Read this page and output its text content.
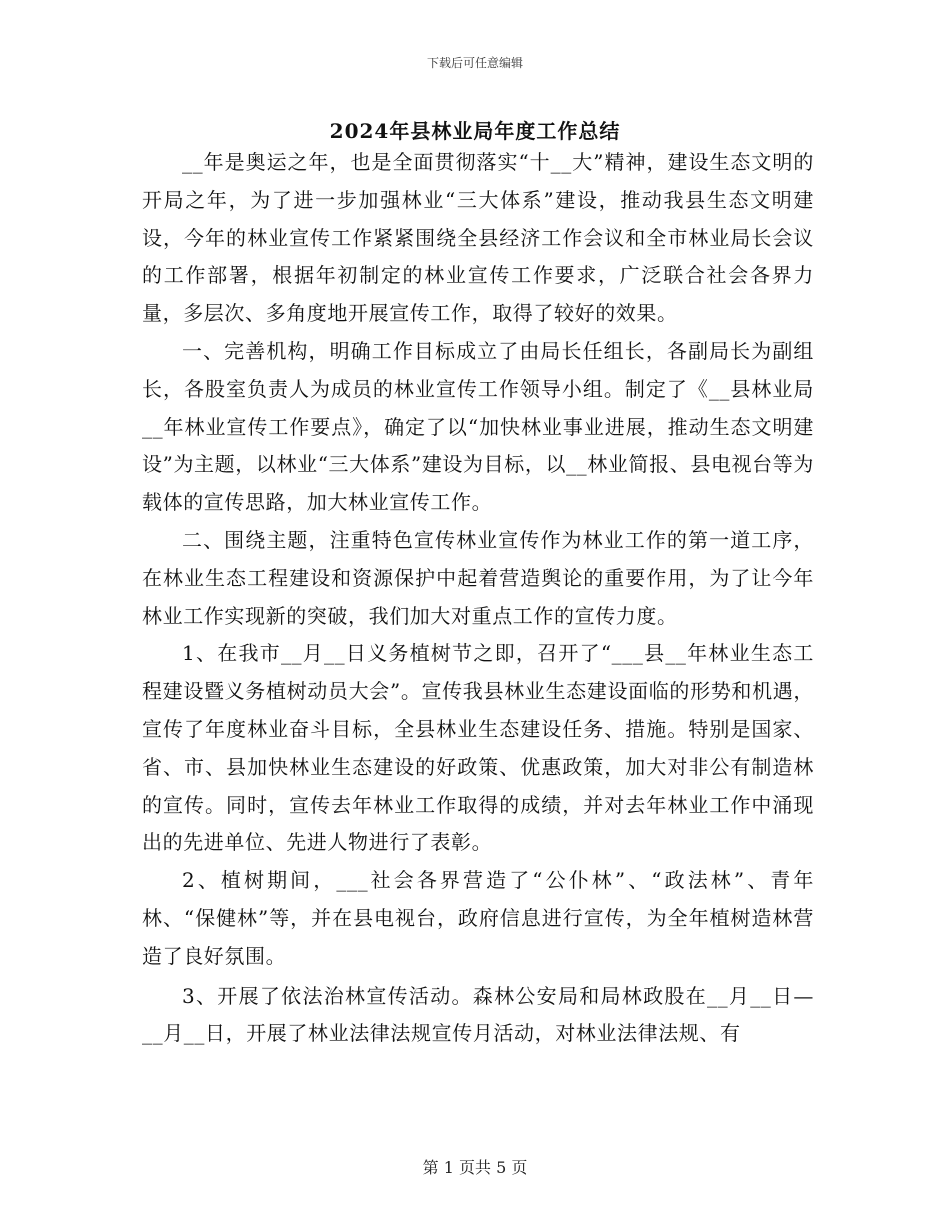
下载后可任意编辑
2024年县林业局年度工作总结

__年是奥运之年，也是全面贯彻落实“十__大”精神，建设生态文明的开局之年，为了进一步加强林业“三大体系”建设，推动我县生态文明建设，今年的林业宣传工作紧紧围绕全县经济工作会议和全市林业局长会议的工作部署，根据年初制定的林业宣传工作要求，广泛联合社会各界力量，多层次、多角度地开展宣传工作，取得了较好的效果。

一、完善机构，明确工作目标成立了由局长任组长，各副局长为副组长，各股室负责人为成员的林业宣传工作领导小组。制定了《__县林业局__年林业宣传工作要点》，确定了以“加快林业事业进展，推动生态文明建设”为主题，以林业“三大体系”建设为目标，以__林业简报、县电视台等为载体的宣传思路，加大林业宣传工作。

二、围绕主题，注重特色宣传林业宣传作为林业工作的第一道工序，在林业生态工程建设和资源保护中起着营造舆论的重要作用，为了让今年林业工作实现新的突破，我们加大对重点工作的宣传力度。

1、在我市__月__日义务植树节之即，召开了“___县__年林业生态工程建设暨义务植树动员大会”。宣传我县林业生态建设面临的形势和机遇，宣传了年度林业奋斗目标，全县林业生态建设任务、措施。特别是国家、省、市、县加快林业生态建设的好政策、优惠政策，加大对非公有制造林的宣传。同时，宣传去年林业工作取得的成绩，并对去年林业工作中涌现出的先进单位、先进人物进行了表彰。

2、植树期间，___社会各界营造了“公仆林”、“政法林”、青年林、“保健林”等，并在县电视台，政府信息进行宣传，为全年植树造林营造了良好氛围。

3、开展了依法治林宣传活动。森林公安局和局林政股在__月__日—__月__日，开展了林业法律法规宣传月活动，对林业法律法规、有

第 1 页共 5 页
